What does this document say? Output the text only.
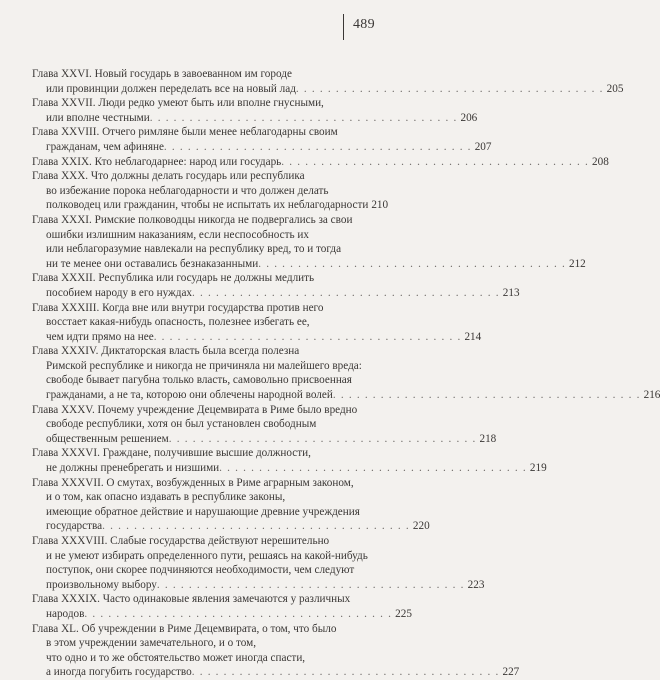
489
Глава XXVI. Новый государь в завоеванном им городе
или провинции должен переделать все на новый лад . . .	205
Глава XXVII. Люди редко умеют быть или вполне гнусными,
или вполне честными . . .	206
Глава XXVIII. Отчего римляне были менее неблагодарны своим
гражданам, чем афиняне . . .	207
Глава XXIX. Кто неблагодарнее: народ или государь . . .	208
Глава XXX. Что должны делать государь или республика
во избежание порока неблагодарности и что должен делать
полководец или гражданин, чтобы не испытать их неблагодарности 210
Глава XXXI. Римские полководцы никогда не подвергались за свои
ошибки излишним наказаниям, если неспособность их
или неблагоразумие навлекали на республику вред, то и тогда
ни те менее они оставались безнаказанными . . .	212
Глава XXXII. Республика или государь не должны медлить
пособием народу в его нуждах . . .	213
Глава XXXIII. Когда вне или внутри государства против него
восстает какая-нибудь опасность, полезнее избегать ее,
чем идти прямо на нее . . .	214
Глава XXXIV. Диктаторская власть была всегда полезна
Римской республике и никогда не причиняла ни малейшего вреда:
свободе бывает пагубна только власть, самовольно присвоенная
гражданами, а не та, которою они облечены народной волей . . .	216
Глава XXXV. Почему учреждение Децемвирата в Риме было вредно
свободе республики, хотя он был установлен свободным
общественным решением . . .	218
Глава XXXVI. Граждане, получившие высшие должности,
не должны пренебрегать и низшими . . .	219
Глава XXXVII. О смутах, возбужденных в Риме аграрным законом,
и о том, как опасно издавать в республике законы,
имеющие обратное действие и нарушающие древние учреждения
государства . . .	220
Глава XXXVIII. Слабые государства действуют нерешительно
и не умеют избирать определенного пути, решаясь на какой-нибудь
поступок, они скорее подчиняются необходимости, чем следуют
произвольному выбору . . .	223
Глава XXXIX. Часто одинаковые явления замечаются у различных
народов . . .	225
Глава XL. Об учреждении в Риме Децемвирата, о том, что было
в этом учреждении замечательного, и о том,
что одно и то же обстоятельство может иногда спасти,
а иногда погубить государство . . .	227
